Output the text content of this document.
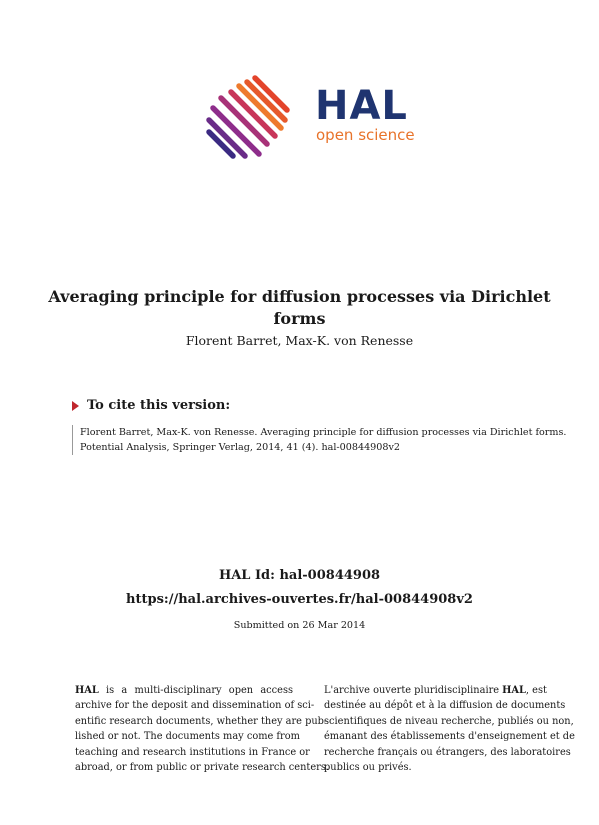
HAL
open science
Averaging principle for diffusion processes via Dirichlet
forms
Florent Barret, Max-K. von Renesse
To cite this version:
Florent Barret, Max-K. von Renesse. Averaging principle for diffusion processes via Dirichlet forms.
Potential Analysis, Springer Verlag, 2014, 41 (4). hal-00844908v2
HAL Id: hal-00844908
https://hal.archives-ouvertes.fr/hal-00844908v2
Submitted on 26 Mar 2014
HAL is a multi-disciplinary open access
archive for the deposit and dissemination of sci-
entific research documents, whether they are pub-
lished or not. The documents may come from
teaching and research institutions in France or
abroad, or from public or private research centers.
L'archive ouverte pluridisciplinaire HAL, est
destinée au dépôt et à la diffusion de documents
scientifiques de niveau recherche, publiés ou non,
émanant des établissements d'enseignement et de
recherche français ou étrangers, des laboratoires
publics ou privés.
